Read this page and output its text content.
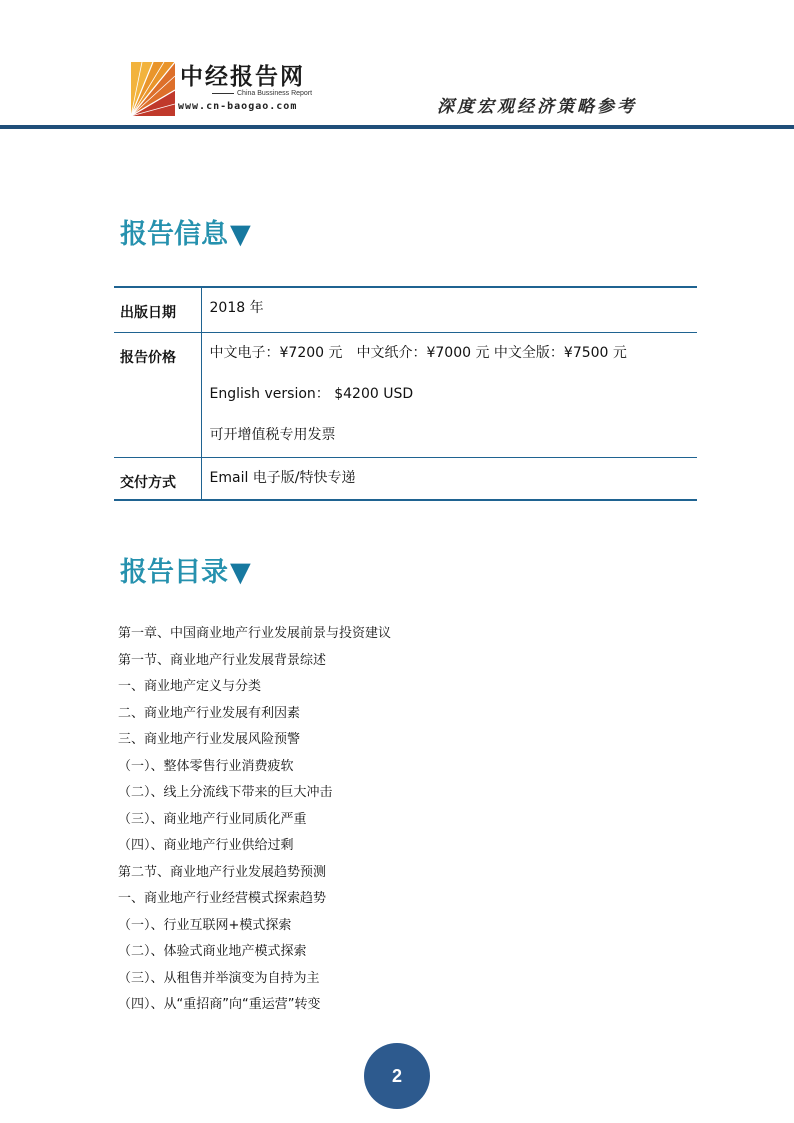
中经报告网
China Bussiness Report
www.cn-baogao.com	深度宏观经济策略参考
报告信息▼
出版日期	2018 年

报告价格	中文电子：¥7200 元　中文纸介：¥7000 元 中文全版：¥7500 元
English version： $4200 USD
可开增值税专用发票

交付方式	Email 电子版/特快专递
报告目录▼
第一章、中国商业地产行业发展前景与投资建议
第一节、商业地产行业发展背景综述
一、商业地产定义与分类
二、商业地产行业发展有利因素
三、商业地产行业发展风险预警
（一）、整体零售行业消费疲软
（二）、线上分流线下带来的巨大冲击
（三）、商业地产行业同质化严重
（四）、商业地产行业供给过剩
第二节、商业地产行业发展趋势预测
一、商业地产行业经营模式探索趋势
（一）、行业互联网+模式探索
（二）、体验式商业地产模式探索
（三）、从租售并举演变为自持为主
（四）、从“重招商”向“重运营”转变
2
